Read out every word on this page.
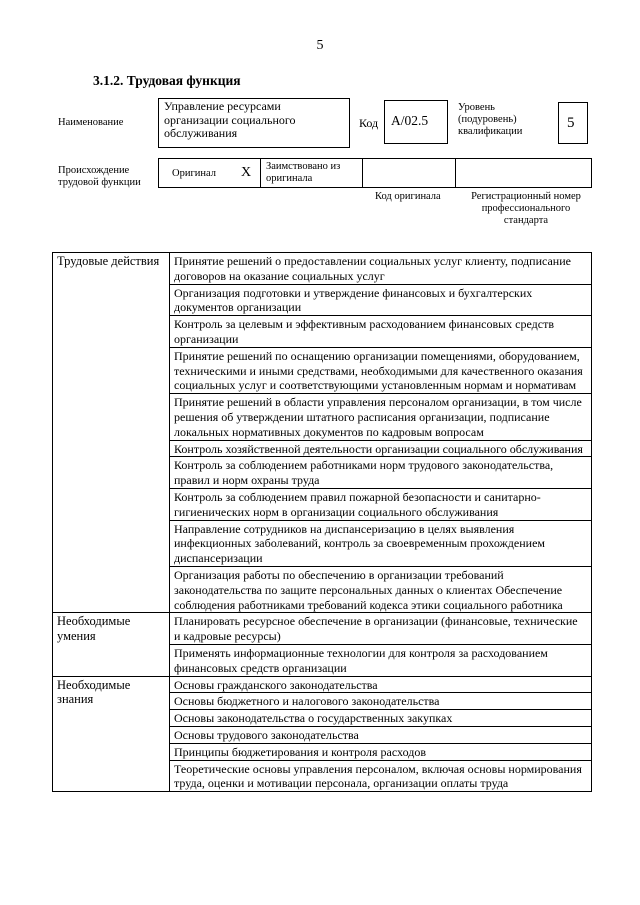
5
3.1.2. Трудовая функция
Наименование
Управление ресурсами организации социального обслуживания
Код A/02.5
Уровень (подуровень) квалификации
5
Происхождение трудовой функции
Оригинал X Заимствовано из оригинала
Код оригинала	Регистрационный номер профессионального стандарта
Трудовые действия	Принятие решений о предоставлении социальных услуг клиенту, подписание договоров на оказание социальных услуг
	Организация подготовки и утверждение финансовых и бухгалтерских документов организации
	Контроль за целевым и эффективным расходованием финансовых средств организации
	Принятие решений по оснащению организации помещениями, оборудованием, техническими и иными средствами, необходимыми для качественного оказания социальных услуг и соответствующими установленным нормам и нормативам
	Принятие решений в области управления персоналом организации, в том числе решения об утверждении штатного расписания организации, подписание локальных нормативных документов по кадровым вопросам
	Контроль хозяйственной деятельности организации социального обслуживания
	Контроль за соблюдением работниками норм трудового законодательства, правил и норм охраны труда
	Контроль за соблюдением правил пожарной безопасности и санитарно-гигиенических норм в организации социального обслуживания
	Направление сотрудников на диспансеризацию в целях выявления инфекционных заболеваний, контроль за своевременным прохождением диспансеризации
	Организация работы по обеспечению в организации требований законодательства по защите персональных данных о клиентах Обеспечение соблюдения работниками требований кодекса этики социального работника
Необходимые умения	Планировать ресурсное обеспечение в организации (финансовые, технические и кадровые ресурсы)
	Применять информационные технологии для контроля за расходованием финансовых средств организации
Необходимые знания	Основы гражданского законодательства
	Основы бюджетного и налогового законодательства
	Основы законодательства о государственных закупках
	Основы трудового законодательства
	Принципы бюджетирования и контроля расходов
	Теоретические основы управления персоналом, включая основы нормирования труда, оценки и мотивации персонала, организации оплаты труда
